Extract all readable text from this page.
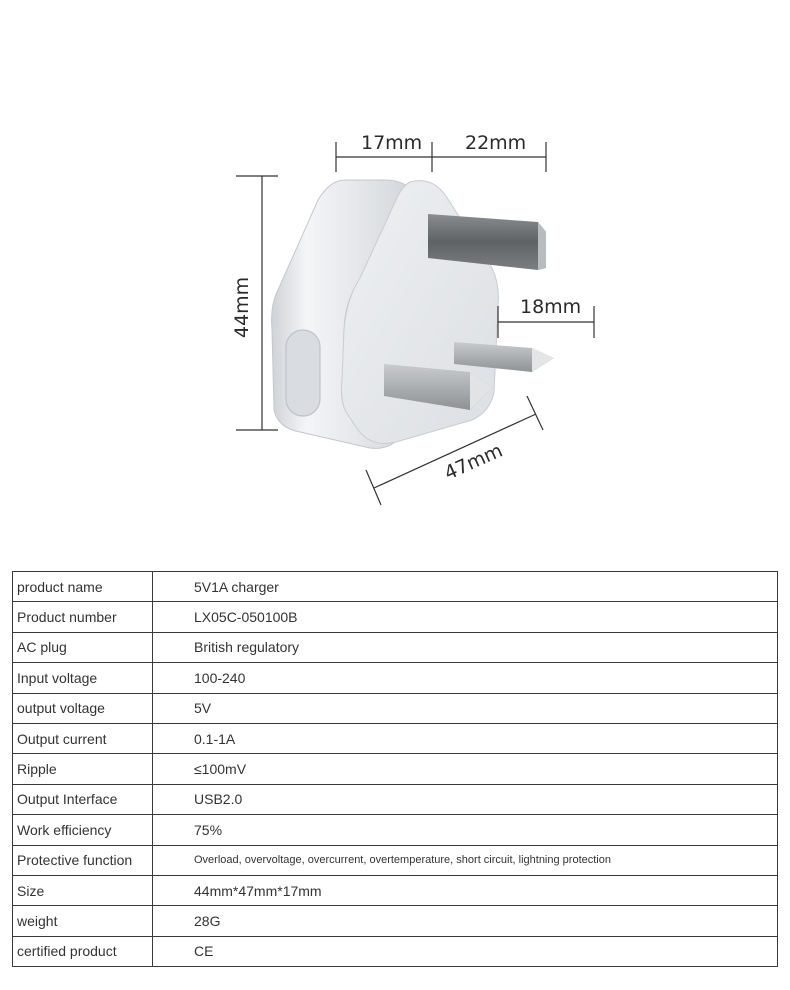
17mm 22mm
44mm	18mm
47mm
product name	5V1A charger
Product number	LX05C-050100B
AC plug	British regulatory
Input voltage	100-240
output voltage	5V
Output current	0.1-1A
Ripple	≤100mV
Output Interface	USB2.0
Work efficiency	75%
Protective function	Overload, overvoltage, overcurrent, overtemperature, short circuit, lightning protection
Size	44mm*47mm*17mm
weight	28G
certified product	CE
